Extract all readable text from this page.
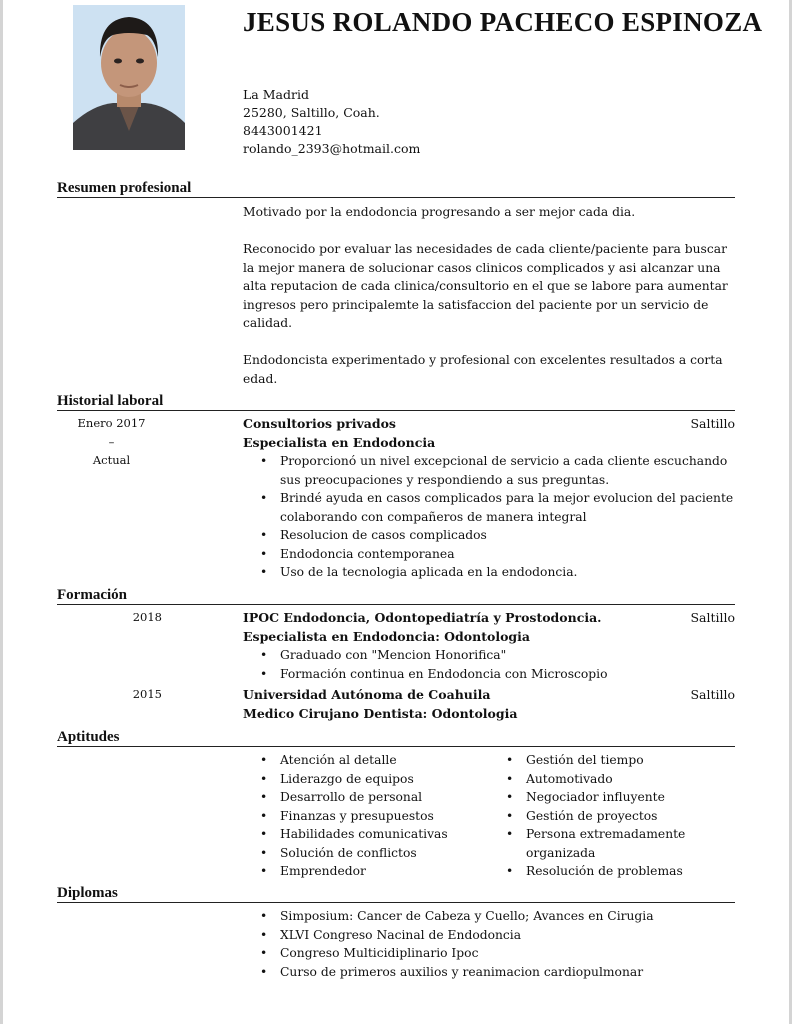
JESUS ROLANDO PACHECO ESPINOZA
La Madrid
25280, Saltillo, Coah.
8443001421
rolando_2393@hotmail.com
Resumen profesional

Motivado por la endodoncia progresando a ser mejor cada dia.

Reconocido por evaluar las necesidades de cada cliente/paciente para buscar la mejor manera de solucionar casos clinicos complicados y asi alcanzar una alta reputacion de cada clinica/consultorio en el que se labore para aumentar ingresos pero principalemte la satisfaccion del paciente por un servicio de calidad.

Endodoncista experimentado y profesional con excelentes resultados a corta edad.

Historial laboral
Enero 2017
–
Actual
Consultorios privados	Saltillo
Especialista en Endodoncia
• Proporcionó un nivel excepcional de servicio a cada cliente escuchando sus preocupaciones y respondiendo a sus preguntas.
• Brindé ayuda en casos complicados para la mejor evolucion del paciente colaborando con compañeros de manera integral
• Resolucion de casos complicados
• Endodoncia contemporanea
• Uso de la tecnologia aplicada en la endodoncia.
Formación
2018	IPOC Endodoncia, Odontopediatría y Prostodoncia.	Saltillo
Especialista en Endodoncia: Odontologia
• Graduado con "Mencion Honorifica"
• Formación continua en Endodoncia con Microscopio
2015	Universidad Autónoma de Coahuila	Saltillo
Medico Cirujano Dentista: Odontologia
Aptitudes
• Atención al detalle
• Liderazgo de equipos
• Desarrollo de personal
• Finanzas y presupuestos
• Habilidades comunicativas
• Solución de conflictos
• Emprendedor
• Gestión del tiempo
• Automotivado
• Negociador influyente
• Gestión de proyectos
• Persona extremadamente organizada
• Resolución de problemas
Diplomas
• Simposium: Cancer de Cabeza y Cuello; Avances en Cirugia
• XLVI Congreso Nacinal de Endodoncia
• Congreso Multicidiplinario Ipoc
• Curso de primeros auxilios y reanimacion cardiopulmonar
